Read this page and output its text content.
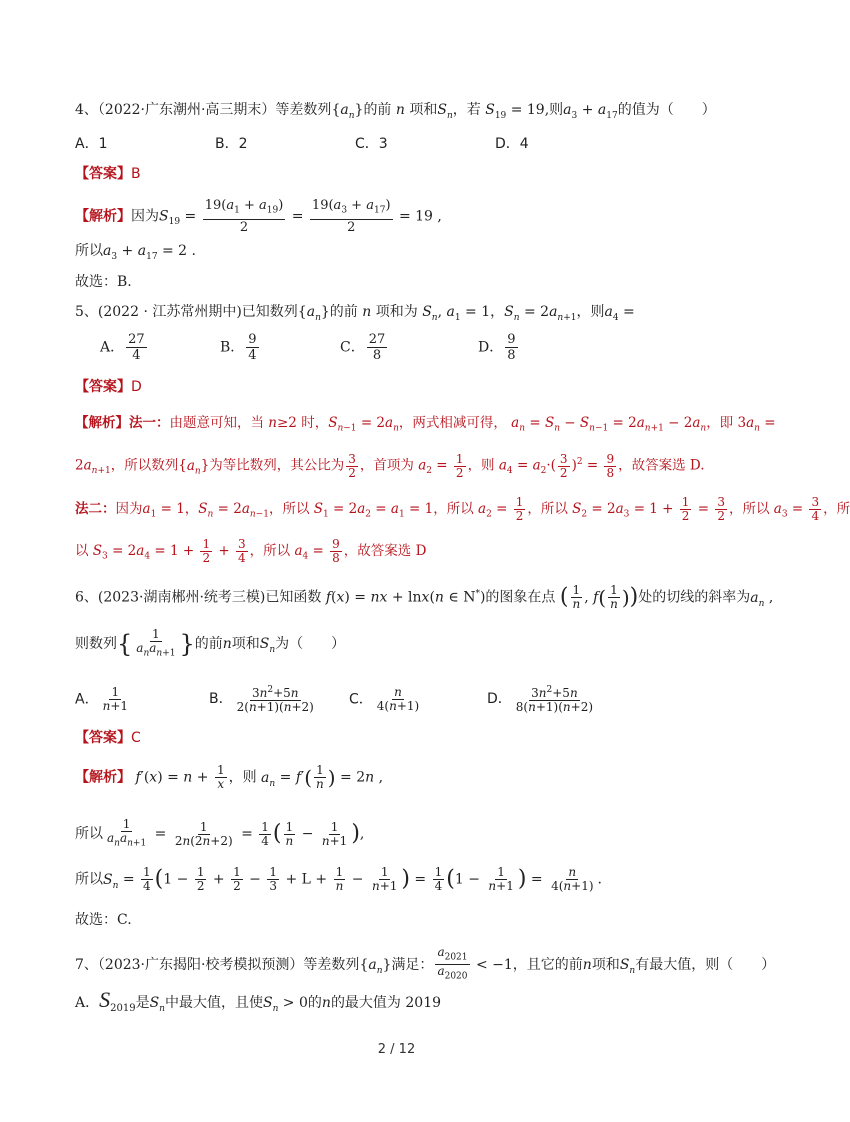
4、（2022·广东潮州·高三期末）等差数列$\{a_n\}$的前 n 项和$S_n$，若 $S_{19} = 19$,则$a_3 + a_{17}$的值为（　　）
A．1	B．2	C．3	D．4
【答案】B
【解析】因为$S_{19} = \frac{19(a_1 + a_{19})}{2} = \frac{19(a_3 + a_{17})}{2} = 19$ ,
所以$a_3 + a_{17} = 2$ .
故选：B.
5、(2022 · 江苏常州期中)已知数列$\{a_n\}$的前 n 项和为 $S_n$, $a_1 = 1$，$S_n = 2a_{n+1}$，则$a_4$ =
A． $\frac{27}{4}$	B． $\frac{9}{4}$	C． $\frac{27}{8}$	D． $\frac{9}{8}$
【答案】D
【解析】法一：由题意可知，当 n≥2 时，$S_{n-1} = 2a_n$，两式相减可得， $a_n = S_n - S_{n-1} = 2a_{n+1} - 2a_n$，即 $3a_n$ =
$2a_{n+1}$，所以数列$\{a_n\}$为等比数列，其公比为 $\frac{3}{2}$ ，首项为 $a_2 = \frac{1}{2}$ ，则 $a_4 = a_2\cdot( \frac{3}{2} )^2 = \frac{9}{8}$ ，故答案选 D.
法二：因为$a_1 = 1$，$S_n = 2a_{n-1}$，所以 $S_1 = 2a_2 = a_1 = 1$，所以 $a_2 = \frac{1}{2}$ ，所以 $S_2 = 2a_3 = 1 + \frac{1}{2} = \frac{3}{2}$ ，所以 $a_3 = \frac{3}{4}$ ，所
以 $S_3 = 2a_4 = 1 + \frac{1}{2} + \frac{3}{4}$ ，所以 $a_4 = \frac{9}{8}$ ，故答案选 D
6、(2023·湖南郴州·统考三模)已知函数 f(x) = nx + lnx(n ∈ N*)的图象在点 ( $\frac{1}{n}$ , $f( \frac{1}{n}$ ))处的切线的斜率为$a_n$ ,
则数列{ $\frac{1}{a_na_{n+1}}$ }的前n项和$S_n$为（　　）
A． $\frac{1}{n+1}$	B． $\frac{3n^2+5n}{2(n+1)(n+2)}$ C． $\frac{n}{4(n+1)}$	D． $\frac{3n^2+5n}{8(n+1)(n+2)}$
【答案】C
【解析】 $f'(x) = n + \frac{1}{x}$ ，则 $a_n = f'( \frac{1}{n}$ ) = 2n ,
所以 $\frac{1}{a_na_{n+1}} = \frac{1}{2n(2n+2)} = \frac{1}{4}$ ( $\frac{1}{n} - \frac{1}{n+1}$ ),
所以$S_n = \frac{1}{4} (1 - \frac{1}{2} + \frac{1}{2} - \frac{1}{3} + L + \frac{1}{n} - \frac{1}{n+1}$ ) = $\frac{1}{4} (1 - \frac{1}{n+1}$ ) = $\frac{n}{4(n+1)}$ .
故选：C.
7、（2023·广东揭阳·校考模拟预测）等差数列$\{a_n\}$满足： $\frac{a_{2021}}{a_{2020}} < -1$，且它的前n项和$S_n$有最大值，则（　　）
A．$S_{2019}$是$S_n$中最大值，且使$S_n > 0$的n的最大值为 2019
2 / 12
